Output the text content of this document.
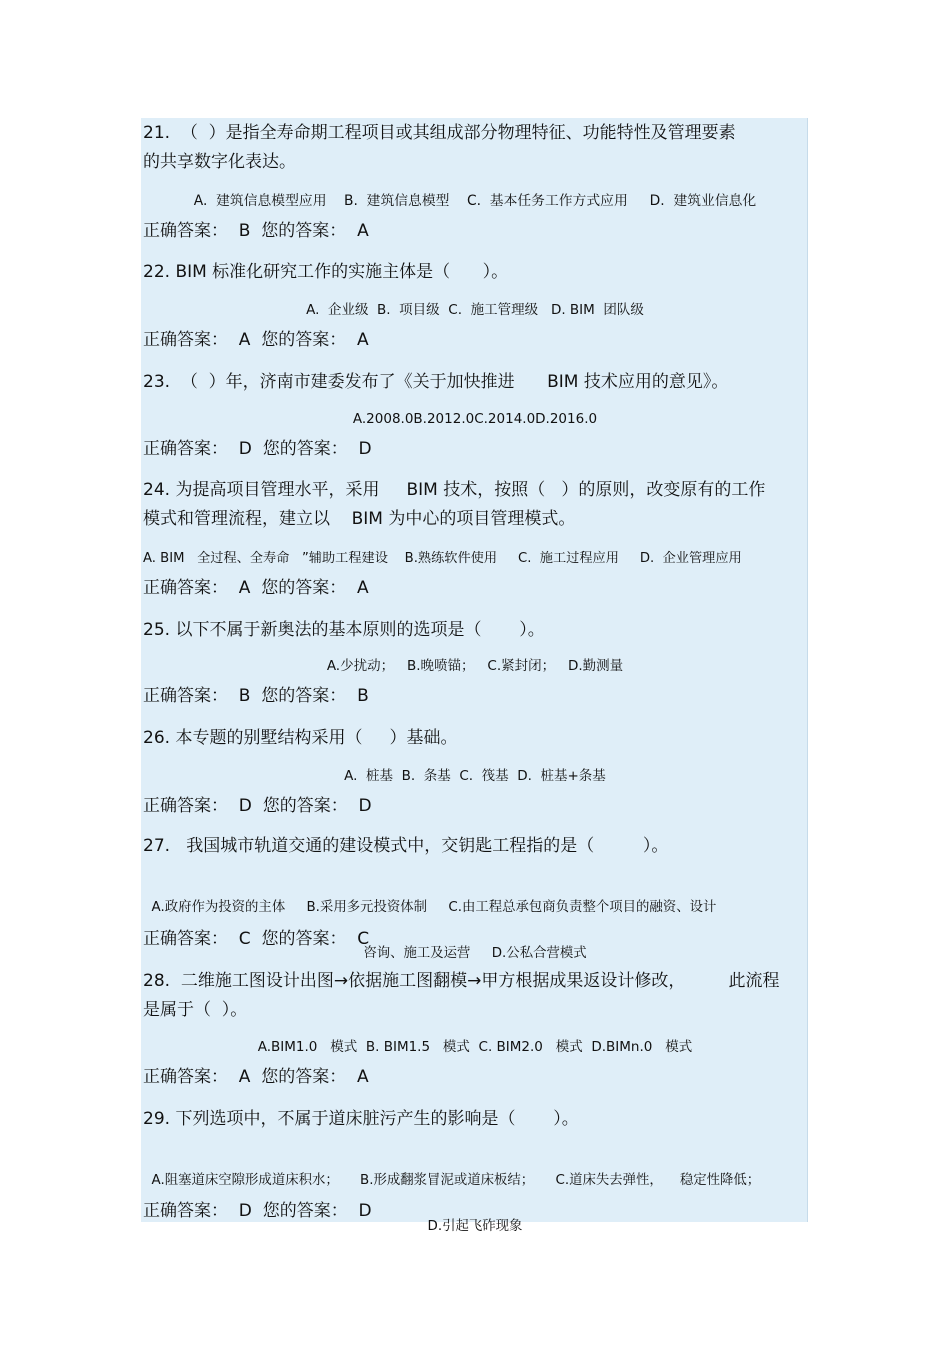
21.  （  ）是指全寿命期工程项目或其组成部分物理特征、功能特性及管理要素
的共享数字化表达。
A.  建筑信息模型应用    B.  建筑信息模型    C.  基本任务工作方式应用     D.  建筑业信息化
正确答案：  B  您的答案：  A
22. BIM 标准化研究工作的实施主体是（      ）。
A.  企业级  B.  项目级  C.  施工管理级   D. BIM  团队级
正确答案：  A  您的答案：  A
23.  （  ）年，济南市建委发布了《关于加快推进      BIM 技术应用的意见》。
A.2008.0B.2012.0C.2014.0D.2016.0
正确答案：  D  您的答案：  D
24. 为提高项目管理水平，采用     BIM 技术，按照（   ）的原则，改变原有的工作
模式和管理流程，建立以    BIM 为中心的项目管理模式。
A. BIM   全过程、全寿命   ”辅助工程建设    B.熟练软件使用     C.  施工过程应用     D.  企业管理应用
正确答案：  A  您的答案：  A
25. 以下不属于新奥法的基本原则的选项是（       ）。
A.少扰动；   B.晚喷锚；   C.紧封闭；   D.勤测量
正确答案：  B  您的答案：  B
26. 本专题的别墅结构采用（     ）基础。
A.  桩基  B.  条基  C.  筏基  D.  桩基+条基
正确答案：  D  您的答案：  D
27.   我国城市轨道交通的建设模式中，交钥匙工程指的是（         ）。

A.政府作为投资的主体     B.采用多元投资体制     C.由工程总承包商负责整个项目的融资、设计

咨询、施工及运营     D.公私合营模式

正确答案：  C  您的答案：  C
28.  二维施工图设计出图→依据施工图翻模→甲方根据成果返设计修改，        此流程
是属于（  ）。
A.BIM1.0   模式  B. BIM1.5   模式  C. BIM2.0   模式  D.BIMn.0   模式
正确答案：  A  您的答案：  A
29. 下列选项中，不属于道床脏污产生的影响是（       ）。

A.阻塞道床空隙形成道床积水；     B.形成翻浆冒泥或道床板结；     C.道床失去弹性，    稳定性降低；

D.引起飞砟现象

正确答案：  D  您的答案：  D
